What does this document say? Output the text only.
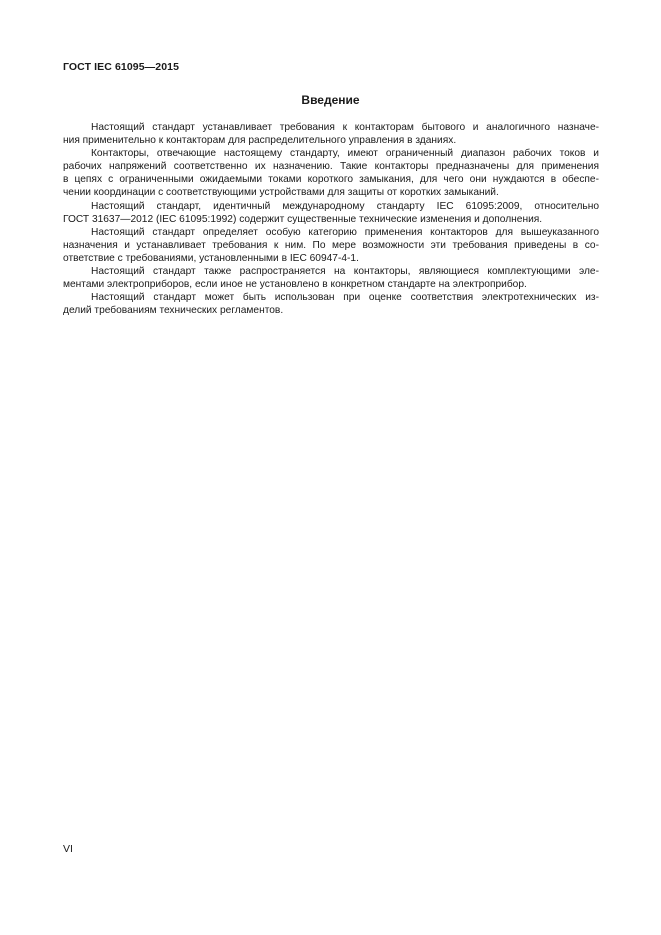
ГОСТ IEC 61095—2015
Введение
Настоящий стандарт устанавливает требования к контакторам бытового и аналогичного назначе-
ния применительно к контакторам для распределительного управления в зданиях.
Контакторы, отвечающие настоящему стандарту, имеют ограниченный диапазон рабочих токов и
рабочих напряжений соответственно их назначению. Такие контакторы предназначены для применения
в цепях с ограниченными ожидаемыми токами короткого замыкания, для чего они нуждаются в обеспе-
чении координации с соответствующими устройствами для защиты от коротких замыканий.
Настоящий стандарт, идентичный международному стандарту IEC 61095:2009, относительно
ГОСТ 31637—2012 (IEC 61095:1992) содержит существенные технические изменения и дополнения.
Настоящий стандарт определяет особую категорию применения контакторов для вышеуказанного
назначения и устанавливает требования к ним. По мере возможности эти требования приведены в со-
ответствие с требованиями, установленными в IEC 60947-4-1.
Настоящий стандарт также распространяется на контакторы, являющиеся комплектующими эле-
ментами электроприборов, если иное не установлено в конкретном стандарте на электроприбор.
Настоящий стандарт может быть использован при оценке соответствия электротехнических из-
делий требованиям технических регламентов.
VI
